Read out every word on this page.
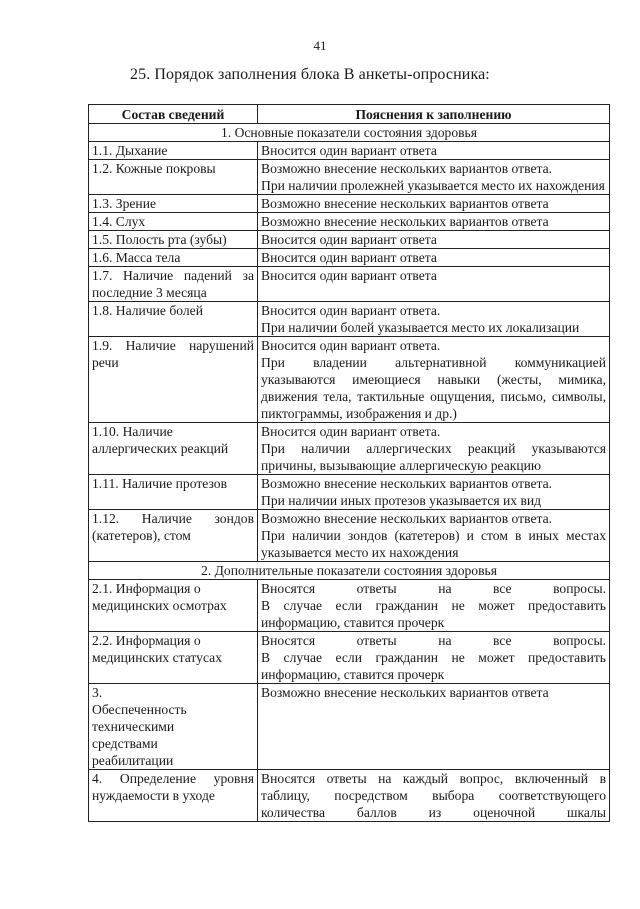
41
25. Порядок заполнения блока В анкеты-опросника:
Состав сведений	Пояснения к заполнению
1. Основные показатели состояния здоровья	
1.1. Дыхание	Вносится один вариант ответа
1.2. Кожные покровы	Возможно внесение нескольких вариантов ответа.
При наличии пролежней указывается место их нахождения

1.3. Зрение	Возможно внесение нескольких вариантов ответа
1.4. Слух	Возможно внесение нескольких вариантов ответа
1.5. Полость рта (зубы)	Вносится один вариант ответа
1.6. Масса тела	Вносится один вариант ответа
1.7. Наличие падений за последние 3 месяца	Вносится один вариант ответа
1.8. Наличие болей	Вносится один вариант ответа.
При наличии болей указывается место их локализации

1.9. Наличие нарушений речи	Вносится один вариант ответа.
При владении альтернативной коммуникацией указываются имеющиеся навыки (жесты, мимика, движения тела, тактильные ощущения, письмо, символы, пиктограммы, изображения и др.)

1.10. Наличие аллергических реакций	Вносится один вариант ответа.
При наличии аллергических реакций указываются причины, вызывающие аллергическую реакцию

1.11. Наличие протезов	Возможно внесение нескольких вариантов ответа.
При наличии иных протезов указывается их вид

1.12. Наличие зондов (катетеров), стом	Возможно внесение нескольких вариантов ответа.
При наличии зондов (катетеров) и стом в иных местах указывается место их нахождения

2. Дополнительные показатели состояния здоровья	
2.1. Информация о медицинских осмотрах	Вносятся ответы на все вопросы.
В случае если гражданин не может предоставить информацию, ставится прочерк

2.2. Информация о медицинских статусах	Вносятся ответы на все вопросы.
В случае если гражданин не может предоставить информацию, ставится прочерк

3. Обеспеченность техническими средствами реабилитации	Возможно внесение нескольких вариантов ответа
4. Определение уровня нуждаемости в уходе	Вносятся ответы на каждый вопрос, включенный в таблицу, посредством выбора соответствующего количества баллов из оценочной шкалы
